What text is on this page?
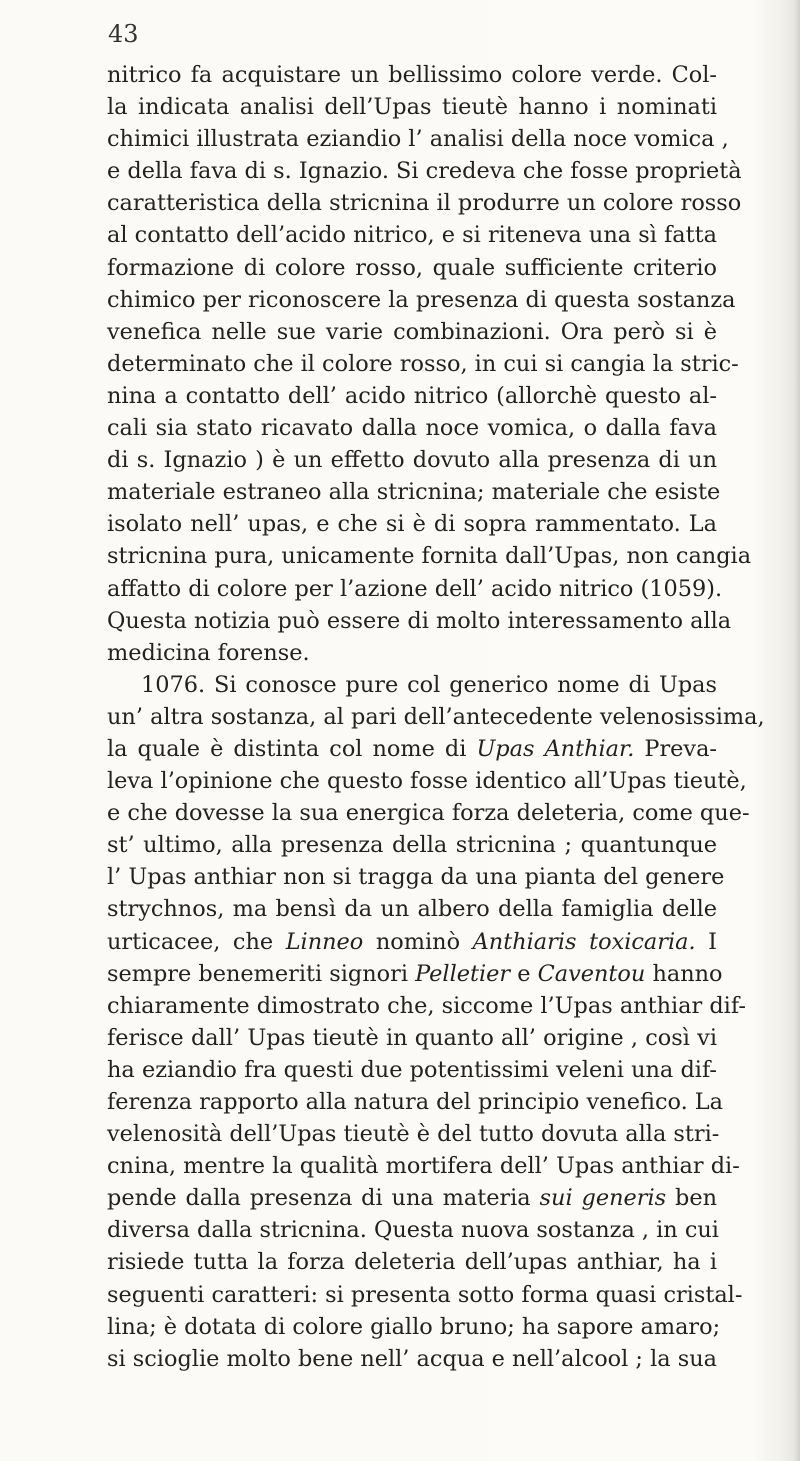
43
nitrico fa acquistare un bellissimo colore verde. Col-
la indicata analisi dell’Upas tieutè hanno i nominati
chimici illustrata eziandio l’ analisi della noce vomica ,
e della fava di s. Ignazio. Si credeva che fosse proprietà
caratteristica della stricnina il produrre un colore rosso
al contatto dell’acido nitrico, e si riteneva una sì fatta
formazione di colore rosso, quale sufficiente criterio
chimico per riconoscere la presenza di questa sostanza
venefica nelle sue varie combinazioni. Ora però si è
determinato che il colore rosso, in cui si cangia la stric-
nina a contatto dell’ acido nitrico (allorchè questo al-
cali sia stato ricavato dalla noce vomica, o dalla fava
di s. Ignazio ) è un effetto dovuto alla presenza di un
materiale estraneo alla stricnina; materiale che esiste
isolato nell’ upas, e che si è di sopra rammentato. La
stricnina pura, unicamente fornita dall’Upas, non cangia
affatto di colore per l’azione dell’ acido nitrico (1059).
Questa notizia può essere di molto interessamento alla
medicina forense.
1076. Si conosce pure col generico nome di Upas
un’ altra sostanza, al pari dell’antecedente velenosissima,
la quale è distinta col nome di Upas Anthiar. Preva-
leva l’opinione che questo fosse identico all’Upas tieutè,
e che dovesse la sua energica forza deleteria, come que-
st’ ultimo, alla presenza della stricnina ; quantunque
l’ Upas anthiar non si tragga da una pianta del genere
strychnos, ma bensì da un albero della famiglia delle
urticacee, che Linneo nominò Anthiaris toxicaria. I
sempre benemeriti signori Pelletier e Caventou hanno
chiaramente dimostrato che, siccome l’Upas anthiar dif-
ferisce dall’ Upas tieutè in quanto all’ origine , così vi
ha eziandio fra questi due potentissimi veleni una dif-
ferenza rapporto alla natura del principio venefico. La
velenosità dell’Upas tieutè è del tutto dovuta alla stri-
cnina, mentre la qualità mortifera dell’ Upas anthiar di-
pende dalla presenza di una materia sui generis ben
diversa dalla stricnina. Questa nuova sostanza , in cui
risiede tutta la forza deleteria dell’upas anthiar, ha i
seguenti caratteri: si presenta sotto forma quasi cristal-
lina; è dotata di colore giallo bruno; ha sapore amaro;
si scioglie molto bene nell’ acqua e nell’alcool ; la sua
